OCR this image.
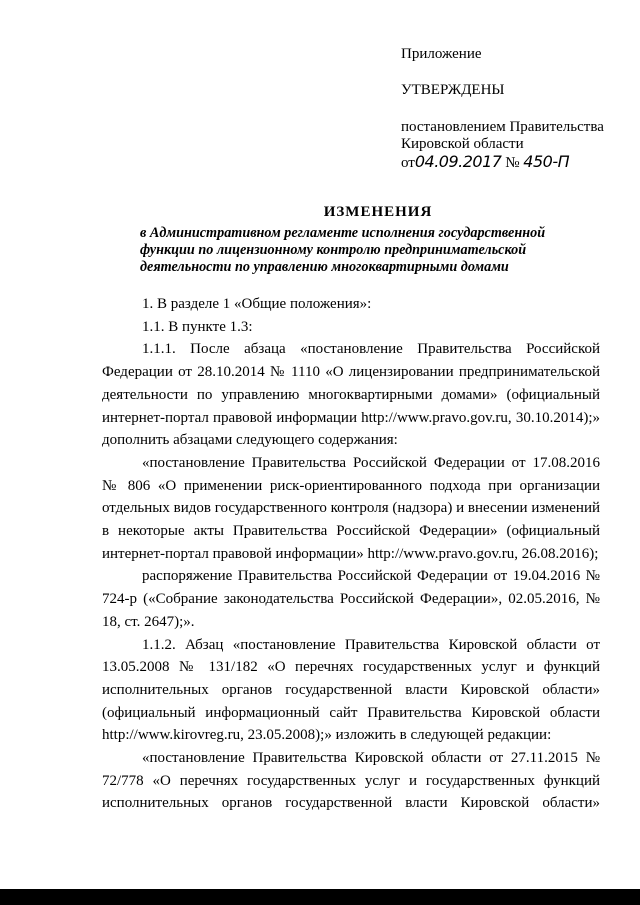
Приложение
УТВЕРЖДЕНЫ
постановлением Правительства
Кировской области
от04.09.2017 № 450-П
ИЗМЕНЕНИЯ

в Административном регламенте исполнения государственной функции по лицензионному контролю предпринимательской деятельности по управлению многоквартирными домами

1. В разделе 1 «Общие положения»:

1.1. В пункте 1.3:

1.1.1. После абзаца «постановление Правительства Российской Федерации от 28.10.2014 № 1110 «О лицензировании предпринимательской деятельности по управлению многоквартирными домами» (официальный интернет-портал правовой информации http://www.pravo.gov.ru, 30.10.2014);» дополнить абзацами следующего содержания:

«постановление Правительства Российской Федерации от 17.08.2016 № 806 «О применении риск-ориентированного подхода при организации отдельных видов государственного контроля (надзора) и внесении изменений в некоторые акты Правительства Российской Федерации» (официальный интернет-портал правовой информации» http://www.pravo.gov.ru, 26.08.2016);

распоряжение Правительства Российской Федерации от 19.04.2016 № 724-р («Собрание законодательства Российской Федерации», 02.05.2016, № 18, ст. 2647);».

1.1.2. Абзац «постановление Правительства Кировской области от 13.05.2008 № 131/182 «О перечнях государственных услуг и функций исполнительных органов государственной власти Кировской области» (официальный информационный сайт Правительства Кировской области http://www.kirovreg.ru, 23.05.2008);» изложить в следующей редакции:

«постановление Правительства Кировской области от 27.11.2015 № 72/778 «О перечнях государственных услуг и государственных функций исполнительных органов государственной власти Кировской области»
